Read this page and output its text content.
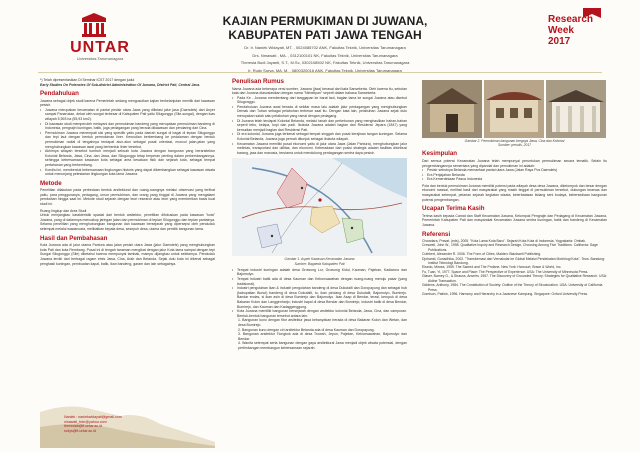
UNTAR
Universitas Tarumanagara
KAJIAN PERMUKIMAN DI JUWANA,
KABUPATEN PATI JAWA TENGAH
Dr. Ir. Naniek Widayati, MT. , 0024085702 ANK, Fakultas Teknik, Universitas Tarumanagara
Drs. Nmawati , MA. , 0312100101 NK, Fakultas Teknik, Universitas Tarumanagara
Theresia Budi Jayanti, S.T., M.Sc, 0302108502 NK, Fakultas Teknik, Universitas Tarumanagara
Ir. Rudy Surya, MA, M. , 0800320016 ANK, Fakultas Teknik, Universitas Tarumanagara
Research
Week
2017
*) Telah dipresentasikan Di Seminar ICST 2017 dengan judul
Early Studies On Potencies Of Sub-district Administration Of Juwana, District Pati, Central Java.
Pendahuluan
Juwana sebagai objek studi karena Pemerintah sedang mengusulkan kajian berkelanjutan menilik dari kawasan pesisir.
• Juwana merupakan kecamatan di pantai pesisir utara Jawa yang dilintasi jalur jasa (Daendels) dari Anyer sampai Panarukan, dekat oleh sungai terbesar di Kabupaten Pati yaitu Silugonggo (Sile-sungai), dengan luas wilayah 5,593 ha (55,93 km2).
• Di kawasan studi memperoleh melayani dan permukiman bandeng yang merupakan permukiman bandeng di Indonesia, pengrajin kuningan, batik, juga pedagangan yang berada dikawasan dan pendaring dari Cina.
• Permukiman Juwana menempati sisi yang spesifik yaitu pada daerah sungai di bagai di tepian Silugonggo dan tepi laut dengan bentuk permukiman liner. Kemudian berkembang ke pedalaman dengan bentuk permukiman radial di tengahnya terdapat alun-alun sebagai pusat orientasi, muncul jalan-jalan yang menghubungkan kawasan awal yang berbentuk linier tersebut.
• Akhirnya wilayah tersebut tumbuh menjadi sebuah kota Juwana dengan bangunan yang berarsitektur Kolonial Belanda, Jawa, Cina, dan Jawa, dan Silugonggo tetap berperan penting dalam perkembangannya, sehingga kebersamaan kawasan kota sebagai area kesatuan fisik dan sejarah kota, sebagai tempat pertahanan yang berkembang.
• Kondisi ini, membentuk kebersamaan lingkungan historis yang dapat dikembangkan sebagai kawasan wisata untuk menunjang pelestarian lingkungan kota lama Juwana.
Metode
Penelitian dilakukan pada perbedaan bentuk arsitektural dan ruang-ruangnya melalui observasi yang terlihat yaitu, para penggunanya, pedagang, unsur permukiman, dan orang yang tinggal di Juwana yang mengalami pembahan hingga saat ini. Metode studi sejarah dengan teori research atau teori yang memberikan basis kuat studi ini.
Ruang lingkup dan Area Studi
Untuk menjangkau karakteristik spasial dari bentuk arsitektur, penelitian difokuskan pada kawasan "kota" Juwana, yang di dalamnya mencakup jaringan jalan dan permukiman di tepian Silugonggo dan tepian pantainya. Selama penelitian yang menghubungkan bangunan dan kawasan bersejarah yang dipersepsi oleh penduduk setempat melalui wawancara, melibatkan kepala desa, sesepuh desa, ulama dan pemilik bangunan lama.
Hasil dan Pembahasan
Kota Juwana ada di jalur utama Pantura atau jalan pesisir utara Jawa (jalur Daendels) yang menghubungkan kota Pati dan kota Rembang. Pusat ini di tengah tanaman mengikat dengan jalur Kota lama sampai dengan tepi Sungai Silugonggo (Sile) diketahui karena mempunyai tambak, mampu dijangkau untuk sekitarnya. Penduduk Juwana terdiri dari berbagai ragam etnis Jawa, Cina, Arab dan Belanda. Sejak dulu kota ini dikenal sebagai penghasil kuningan, pembuatan kapal, batik, ikan bandeng, garam dan lain sebagainya.
Naniek : naniekwidayati@gmail.com
ninawati_tnbr@yahoo.com
theresiab@ft.untar.ac.id
rudys@ft.untar.ac.id
Penulisan Rumus
Nama Juwana ada beberapa versi sumber, Juwana (jiwa) berasal dari kata Sansekerta. Oleh karena itu, sebutan kata dari Juwana diasosiasikan dengan nama "Nirbetipan" seperti dalam bahasa Sansekerta.
• Pada Ke - Juwana membentang dari tanggapan ke barat laut, bagian lama ke sungai Juwana atau disebut Silugonggo.
• Pendahuluan Juwana awal berada di sekitar masa lalu adalah jalur perdagangan yang menghubungkan Demak dan Tuban sebagai pelabuhan terbesar saat itu. Dengan kata lain, pelabuhan Juwana sejak dulu merupakan salah satu pelabuhan yang ramai dengan pedagang.
• Di Juwana telah terdapat Kolonial Belanda, melalui tanah dan perkebunan yang menghasilkan bahan-bahan seperti tebu, kelapa, kopi dan padi. Ibukota Juwana adalah bagian dari Residensi Jepara (1847) yang kemudian menjadi bagian dari Residensi Pati.
• Di era kolonial, Juwana juga terkenal sebagai tempat singgah dan pusat kerajinan tangan kuningan. Selama Kolonial Belanda, Juwana juga pernah ditunjuk sebagai ibukota wilayah.
• Kecamatan Juwana memiliki pusat ekonomi yaitu di jalur utara Jawa (Jalan Pantura), menghubungkan jalur melintas, transportasi dan utilitas, dan ekonomi. Keberadaan dari posisi strategis adalah fasilitas distribusi barang, jasa dan manusia, terutama untuk mendukung perdagangan sentra daya pesisir.
Gambar 1. Aspek Kawasan Kecamatan Juwana
Sumber: Bappeda Kabupaten Pati
• Tempat industri kuningan adalah desa Growong Lor, Growong Kidul, Kauman, Pajekan, Kadiwono dan Bajomulyo.
• Tempat industri batik ada di desa Kauman dan Kebonsawahan dengan ruang-ruang menuju pasar (yang tradisional).
• Industri pengolahan ikan & industri pengolahan bandeng di desa Dukutalit dan Doropayung dan sebagai hub (kabupatian Bunut) bandeng di desa Dukutalit, tu, ikan pindang di desa Dukutalit, Bajomulyo, Bumirejo. Bandar endas, si ikan asin di desa Bumirejo dan Bajomulyo. Ikan Asap di Bendar, terasi, kerupuk di desa Bakaran Kulon dan Langgenharjo; industri kapal di desa Bendar dan Bumirejo, industri batik di desa Bendar, Bumirejo, dan Kauman dan Kadaggenggong.
• Kota Juwana memiliki bangunan bersejarah dengan arsitektur kolonial Belanda, Jawa, Cina, dan campuran. Bentuk-bentuk bangunan tersebut antara lain:
1. Bangunan kuno dengan fitur arsitektur jawa kebanyakan berada di desa Bakaran Kulon dan Wetan, dan desa Bumirejo.
2. Bangunan kuno dengan ciri arsitektur Belanda ada di desa Kauman dan Doropayung.
3. Bangunan arsitektur Tiongkok ada di desa Trowah, Jepon, Pajekan, Kebonsawahan, Bajomulyo dan Bendar.
4. Wanita setempat serta bangunan dengan gaya arsitektural Jawa menjadi objek wisata potensial, dengan pertimbangan membangun kebersamaan sejarah.
Gambar 2. Permukiman bangunan bergaya Jawa, Cina dan Kolonial
Sumber: penulis, 2017
Kesimpulan
Dari semua potensi Kecamatan Juwana telah mempunyai peruntukan permukiman secara tematik. Selain itu pengembangannya sementara yang dipandai dan pemukiman ini adalah:
• Pesisir sebutnya Belanda memanfaat pantai utara Jawa (Jalan Raya Pos Daendels)
• Era Penjajahan Belanda
• Era Kemerdekaan Pasca Indonesia
Pola dan bentuk permukiman Juwana memiliki potensi pada wilayah desa desa Juwana, dikelompok dan besar dengan ekonomi massal, melihat hasil dari masyarakat yang masih tinggal di permukiman tersebut, dukungan kearsas dan masyarakat setempat, pelarian sejarah kegiatan wisata, keterbatasan bidang seni budaya, kebersediaan bangunan potensi pengembangan.
Ucapan Terima Kasih
Terima kasih kepada Camat dan Staff Kecamatan Juwana, Kelompok Pengrajin dan Pedagang di Kecamatan Juwana, Pemerintah Kabupaten Pati dan masyarakat Kecamatan Juwana sentra kuningan, batik dan bandeng di Kecamatan Juwana.
Referensi
Chowdara, Pravat. (eds), 2005. "Kota Lama Kota Baru". Sejarah Kota Kota di Indonesia, Yogyakarta: Ombak.
Creswell, John W., 1998. Qualitative Inquiry and Research Design, Choosing Among Five Traditions. California: Sage Publications.
Cuthbert, Alexander R. 2006. The Form of Cities, Malden: Blackwell Publishing.
Djohanid, Gunadhika, 2002. "Transformasi dari Vernakular ke Global Melalui Pendekatan Morfologi Kota". Teza. Bandung: Institut Teknologi Bandung.
Elsedo, Mircea, 1959. The Sacred and The Profane. New York: Harcourt, Brace & World, Inc.
Fu, Tuan, Yi, 1977. Space and Place: The Perspective of Experience. USA: The University of Minnesota Press.
Glaser, Barney G., & Strauss, Anselm, 1967. The Discovery of Grounded Theory: Strategies for Qualitative Research. USA: Aldine Transaction.
Giddens, Anthony, 1984. The Constitution of Society: Outline of the Theory of Structuration. USA: University of California Press.
Gomisun, Patrick, 1996. Harmony and Hierarchy in a Javanese Kampung. Singapore: Oxford University Press.
